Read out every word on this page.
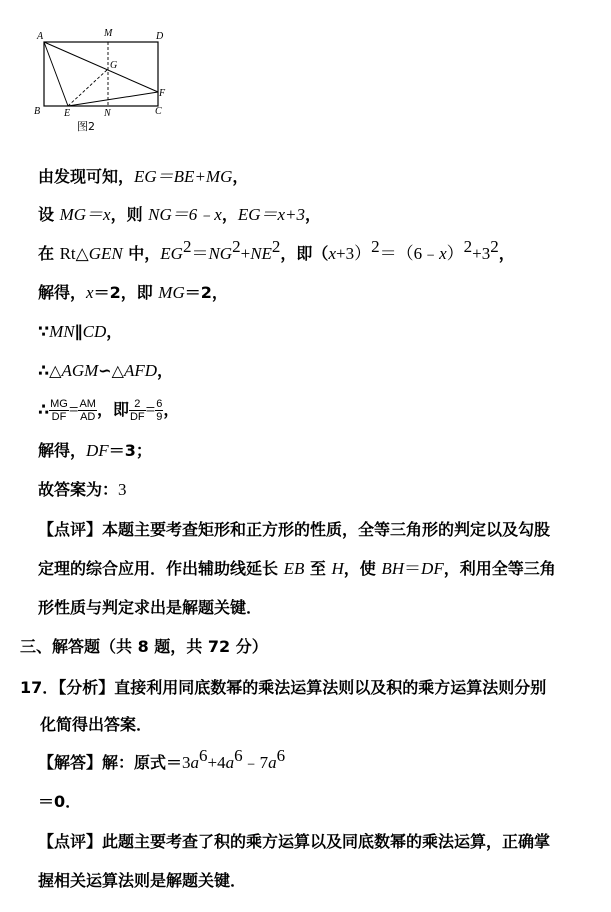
A	M	D
G
F
B E	N	C
图2
由发现可知，EG＝BE+MG，
设 MG＝x，则 NG＝6﹣x，EG＝x+3，
在 Rt△GEN 中，$EG^2=NG^2+NE^2$，即$(x+3)^2=(6﹣x)^2+3^2$，
解得，x＝2，即 MG＝2，
∵MN∥CD，
∴△AGM∽△AFD，
∴ $\frac{MG}{DF} = \frac{AM}{AD}$ ，即 $\frac{2}{DF} = \frac{6}{9}$ ，
解得，DF＝3；
故答案为：3
【点评】本题主要考查矩形和正方形的性质，全等三角形的判定以及勾股
定理的综合应用．作出辅助线延长 EB 至 H，使 BH＝DF，利用全等三角
形性质与判定求出是解题关键．
三、解答题（共 8 题，共 72 分）
17．【分析】直接利用同底数幂的乘法运算法则以及积的乘方运算法则分别
化简得出答案．
【解答】解：原式$=3a^6+4a^6﹣7a^6$
＝0．
【点评】此题主要考查了积的乘方运算以及同底数幂的乘法运算，正确掌
握相关运算法则是解题关键．
